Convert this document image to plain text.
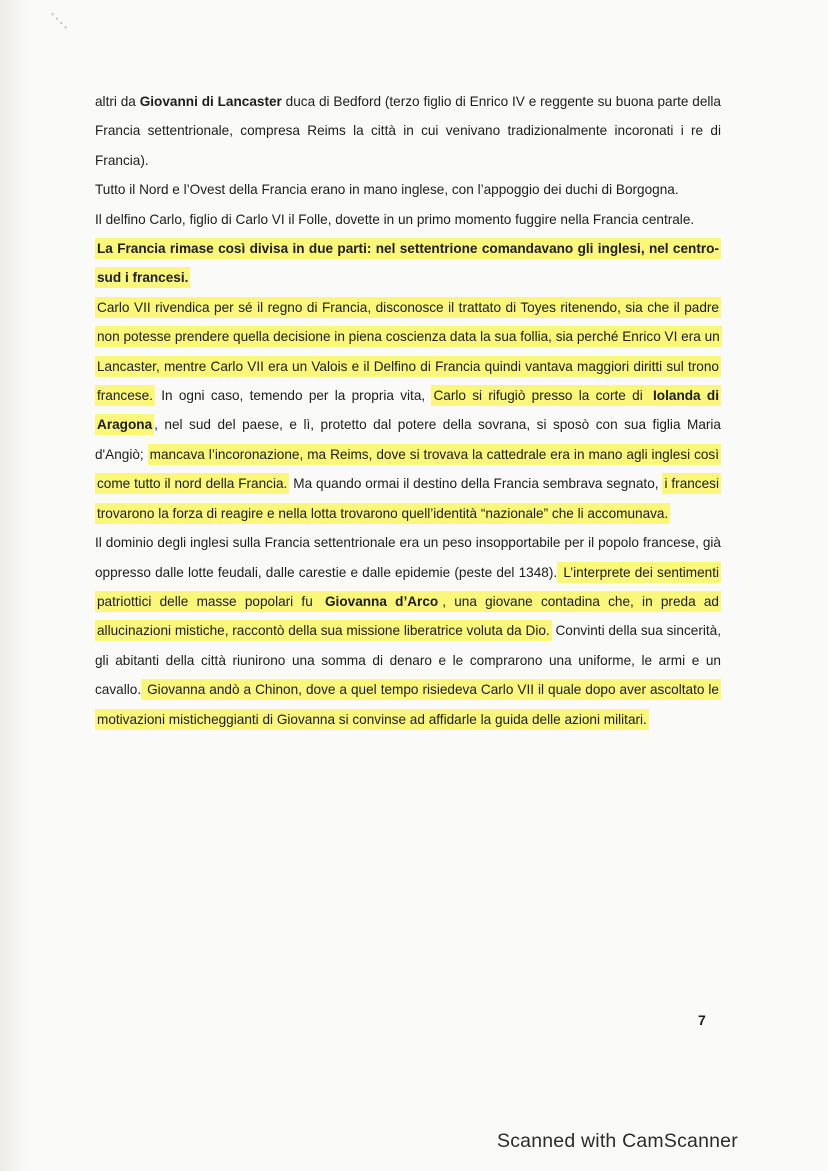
••••

altri da Giovanni di Lancaster duca di Bedford (terzo figlio di Enrico IV e reggente su buona parte della Francia settentrionale, compresa Reims la città in cui venivano tradizionalmente incoronati i re di Francia).

Tutto il Nord e l’Ovest della Francia erano in mano inglese, con l’appoggio dei duchi di Borgogna.

Il delfino Carlo, figlio di Carlo VI il Folle, dovette in un primo momento fuggire nella Francia centrale.

La Francia rimase così divisa in due parti: nel settentrione comandavano gli inglesi, nel centro-sud i francesi.

Carlo VII rivendica per sé il regno di Francia, disconosce il trattato di Toyes ritenendo, sia che il padre non potesse prendere quella decisione in piena coscienza data la sua follia, sia perché Enrico VI era un Lancaster, mentre Carlo VII era un Valois e il Delfino di Francia quindi vantava maggiori diritti sul trono francese. In ogni caso, temendo per la propria vita, Carlo si rifugiò presso la corte di Iolanda di Aragona , nel sud del paese, e lì, protetto dal potere della sovrana, si sposò con sua figlia Maria d'Angiò; mancava l’incoronazione, ma Reims, dove si trovava la cattedrale era in mano agli inglesi così come tutto il nord della Francia. Ma quando ormai il destino della Francia sembrava segnato, i francesi trovarono la forza di reagire e nella lotta trovarono quell’identità “nazionale” che li accomunava.

Il dominio degli inglesi sulla Francia settentrionale era un peso insopportabile per il popolo francese, già oppresso dalle lotte feudali, dalle carestie e dalle epidemie (peste del 1348). L’interprete dei sentimenti patriottici delle masse popolari fu Giovanna d’Arco , una giovane contadina che, in preda ad allucinazioni mistiche, raccontò della sua missione liberatrice voluta da Dio. Convinti della sua sincerità, gli abitanti della città riunirono una somma di denaro e le comprarono una uniforme, le armi e un cavallo. Giovanna andò a Chinon, dove a quel tempo risiedeva Carlo VII il quale dopo aver ascoltato le motivazioni misticheggianti di Giovanna si convinse ad affidarle la guida delle azioni militari.

7
Scanned with CamScanner
